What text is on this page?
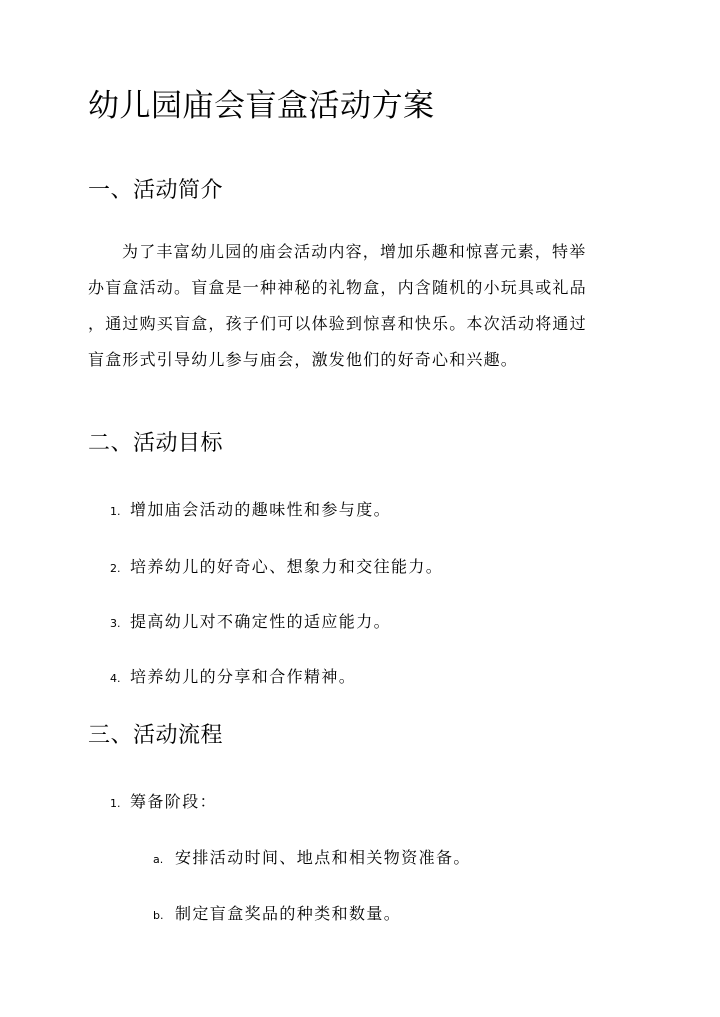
幼儿园庙会盲盒活动方案
一、活动简介

为了丰富幼儿园的庙会活动内容，增加乐趣和惊喜元素，特举
办盲盒活动。盲盒是一种神秘的礼物盒，内含随机的小玩具或礼品
，通过购买盲盒，孩子们可以体验到惊喜和快乐。本次活动将通过
盲盒形式引导幼儿参与庙会，激发他们的好奇心和兴趣。

二、活动目标
1. 增加庙会活动的趣味性和参与度。
2. 培养幼儿的好奇心、想象力和交往能力。
3. 提高幼儿对不确定性的适应能力。
4. 培养幼儿的分享和合作精神。
三、活动流程
1. 筹备阶段：
a. 安排活动时间、地点和相关物资准备。
b. 制定盲盒奖品的种类和数量。
